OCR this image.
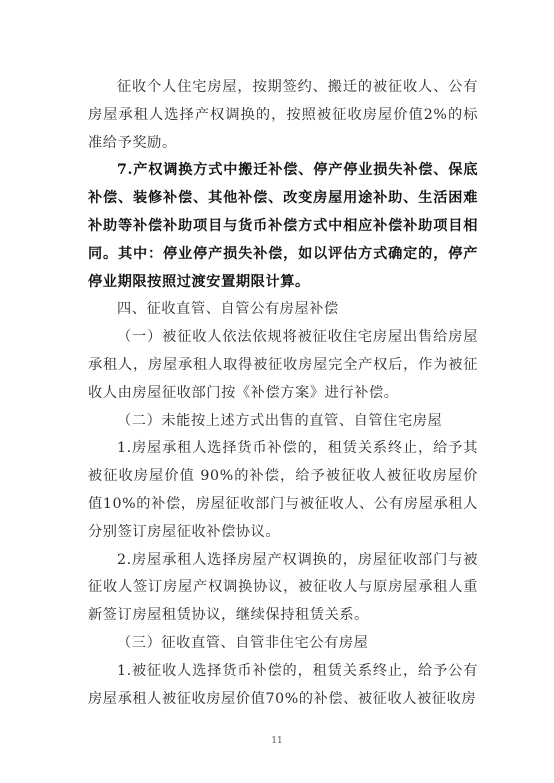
征收个人住宅房屋，按期签约、搬迁的被征收人、公有房屋承租人选择产权调换的，按照被征收房屋价值2%的标准给予奖励。

7.产权调换方式中搬迁补偿、停产停业损失补偿、保底补偿、装修补偿、其他补偿、改变房屋用途补助、生活困难补助等补偿补助项目与货币补偿方式中相应补偿补助项目相同。其中：停业停产损失补偿，如以评估方式确定的，停产停业期限按照过渡安置期限计算。

四、征收直管、自管公有房屋补偿

（一）被征收人依法依规将被征收住宅房屋出售给房屋承租人，房屋承租人取得被征收房屋完全产权后，作为被征收人由房屋征收部门按《补偿方案》进行补偿。

（二）未能按上述方式出售的直管、自管住宅房屋

1.房屋承租人选择货币补偿的，租赁关系终止，给予其被征收房屋价值 90%的补偿，给予被征收人被征收房屋价值10%的补偿，房屋征收部门与被征收人、公有房屋承租人分别签订房屋征收补偿协议。

2.房屋承租人选择房屋产权调换的，房屋征收部门与被征收人签订房屋产权调换协议，被征收人与原房屋承租人重新签订房屋租赁协议，继续保持租赁关系。

（三）征收直管、自管非住宅公有房屋

1.被征收人选择货币补偿的，租赁关系终止，给予公有房屋承租人被征收房屋价值70%的补偿、被征收人被征收房

11
